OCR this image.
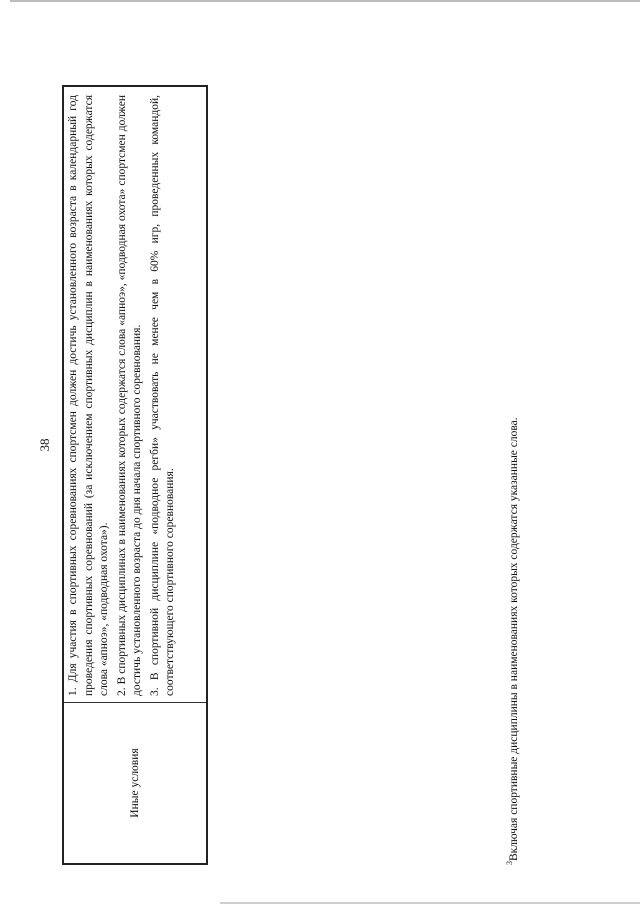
38
Иные условия

1. Для участия в спортивных соревнованиях спортсмен должен достичь установленного возраста в календарный год проведения спортивных соревнований (за исключением спортивных дисциплин в наименованиях которых содержатся слова «апноэ», «подводная охота»). 2. В спортивных дисциплинах в наименованиях которых содержатся слова «апноэ», «подводная охота» спортсмен должен достичь установленного возраста до дня начала спортивного соревнования. 3. В спортивной дисциплине «подводное регби» участвовать не менее чем в 60% игр, проведенных командой, соответствующего спортивного соревнования.

$^3$Включая спортивные дисциплины в наименованиях которых содержатся указанные слова.
